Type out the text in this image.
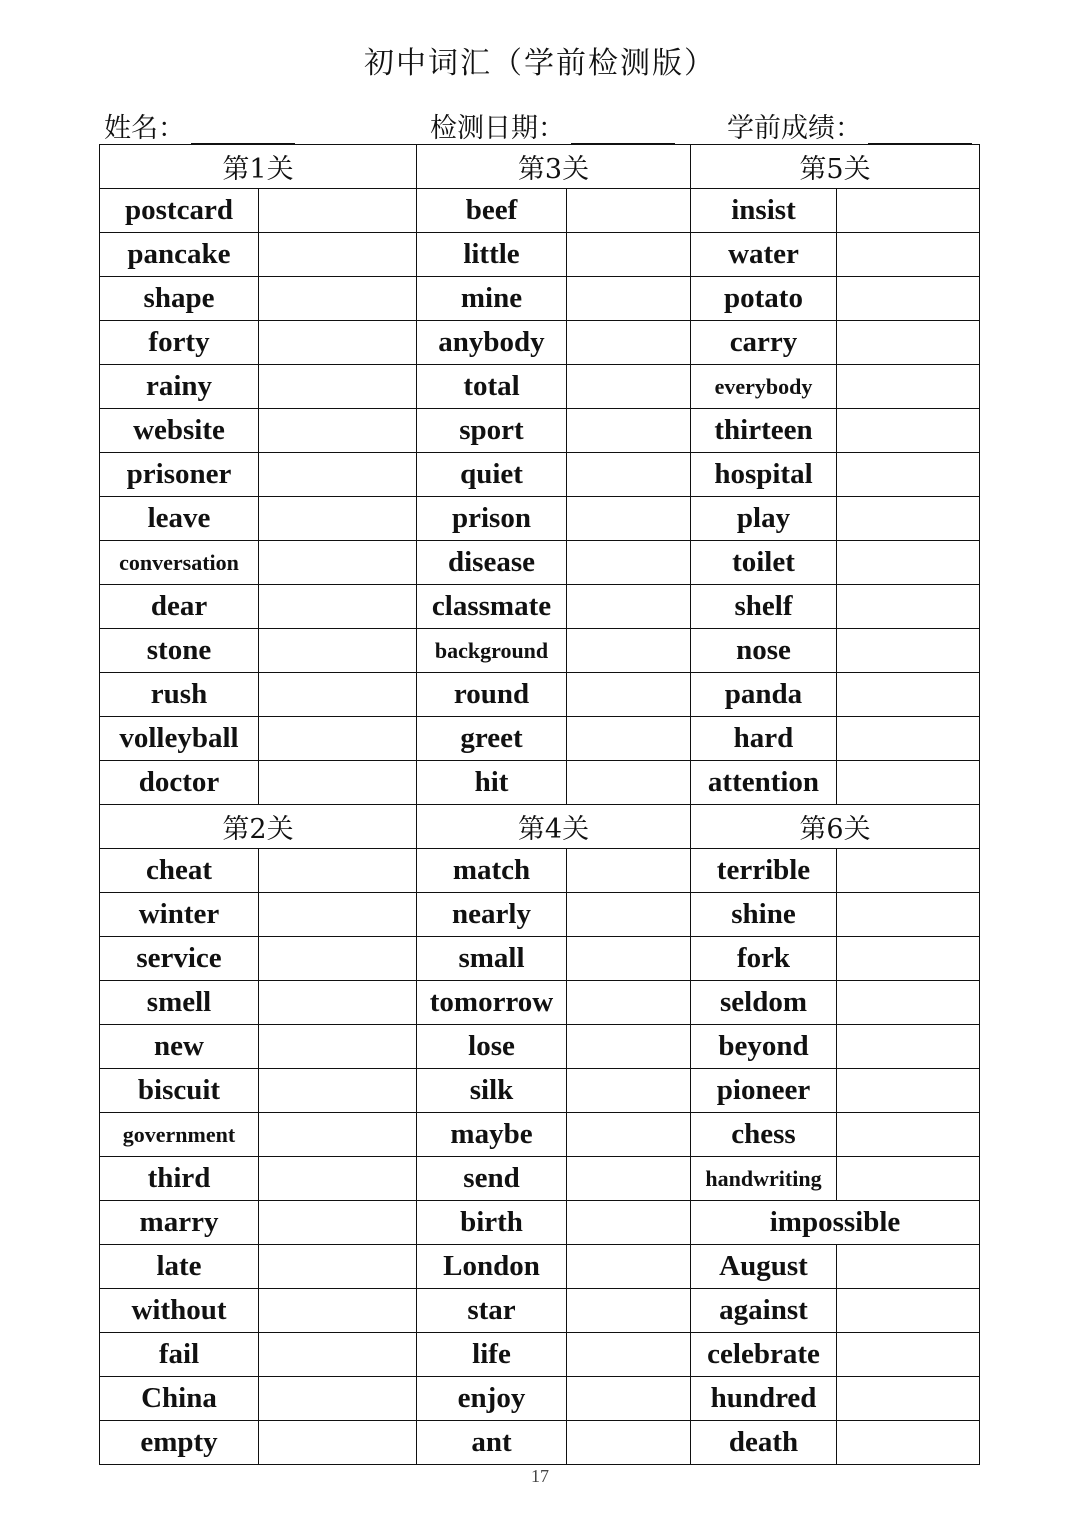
初中词汇（学前检测版）
姓名：	检测日期：	学前成绩：
第1关		第3关		第5关	
postcard		beef		insist	
pancake		little		water	
shape		mine		potato	
forty		anybody		carry	
rainy		total		everybody	
website		sport		thirteen	
prisoner		quiet		hospital	
leave		prison		play	
conversation		disease		toilet	
dear		classmate		shelf	
stone		background		nose	
rush		round		panda	
volleyball		greet		hard	
doctor		hit		attention	
第2关		第4关		第6关	
cheat		match		terrible	
winter		nearly		shine	
service		small		fork	
smell		tomorrow		seldom	
new		lose		beyond	
biscuit		silk		pioneer	
government		maybe		chess	
third		send		handwriting	
marry		birth		impossible	
late		London		August	
without		star		against	
fail		life		celebrate	
China		enjoy		hundred	
empty		ant		death	
17
